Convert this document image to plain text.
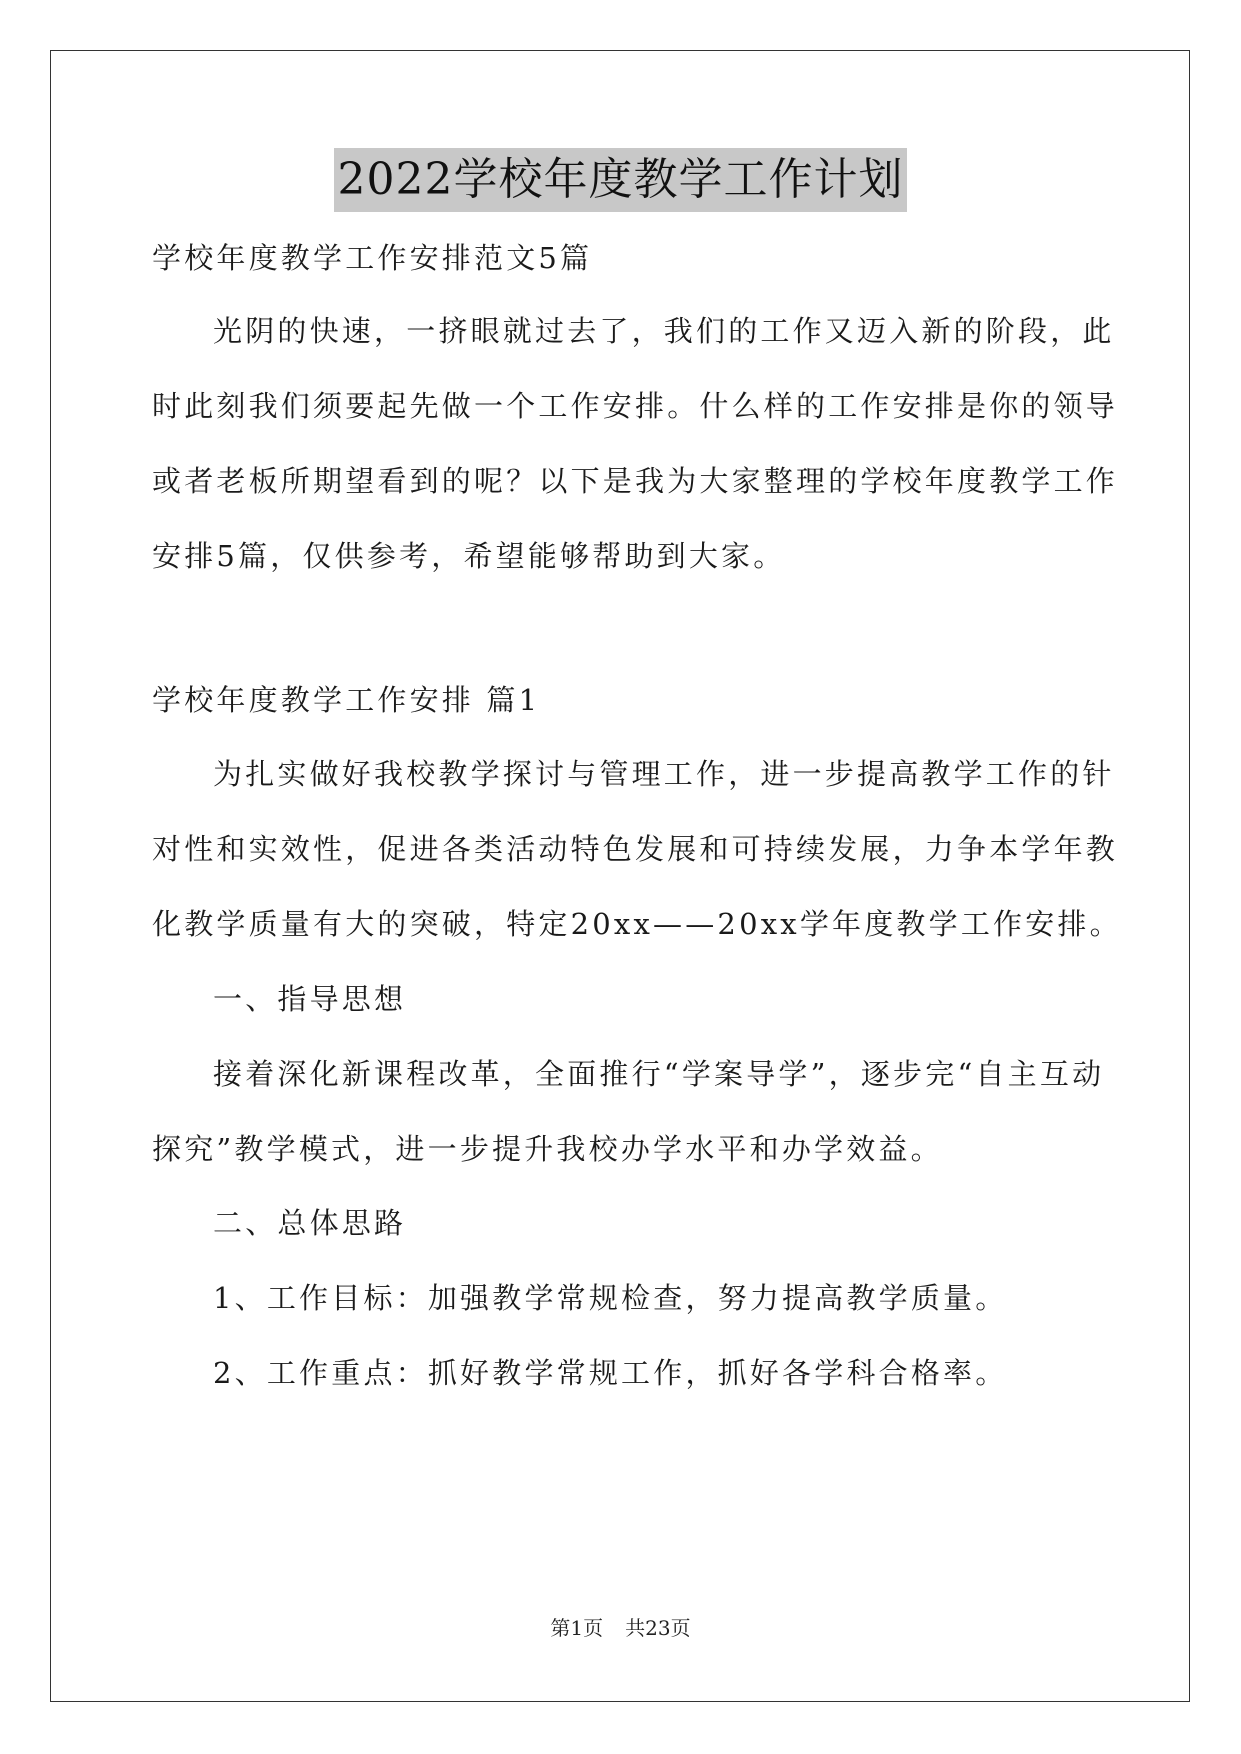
2022学校年度教学工作计划
学校年度教学工作安排范文5篇
光阴的快速，一挤眼就过去了，我们的工作又迈入新的阶段，此
时此刻我们须要起先做一个工作安排。什么样的工作安排是你的领导
或者老板所期望看到的呢？以下是我为大家整理的学校年度教学工作
安排5篇，仅供参考，希望能够帮助到大家。
学校年度教学工作安排 篇1
为扎实做好我校教学探讨与管理工作，进一步提高教学工作的针
对性和实效性，促进各类活动特色发展和可持续发展，力争本学年教
化教学质量有大的突破，特定20xx——20xx学年度教学工作安排。
一、指导思想
接着深化新课程改革，全面推行“学案导学”，逐步完“自主互动
探究”教学模式，进一步提升我校办学水平和办学效益。
二、总体思路
1、工作目标：加强教学常规检查，努力提高教学质量。
2、工作重点：抓好教学常规工作，抓好各学科合格率。
第1页 共23页
